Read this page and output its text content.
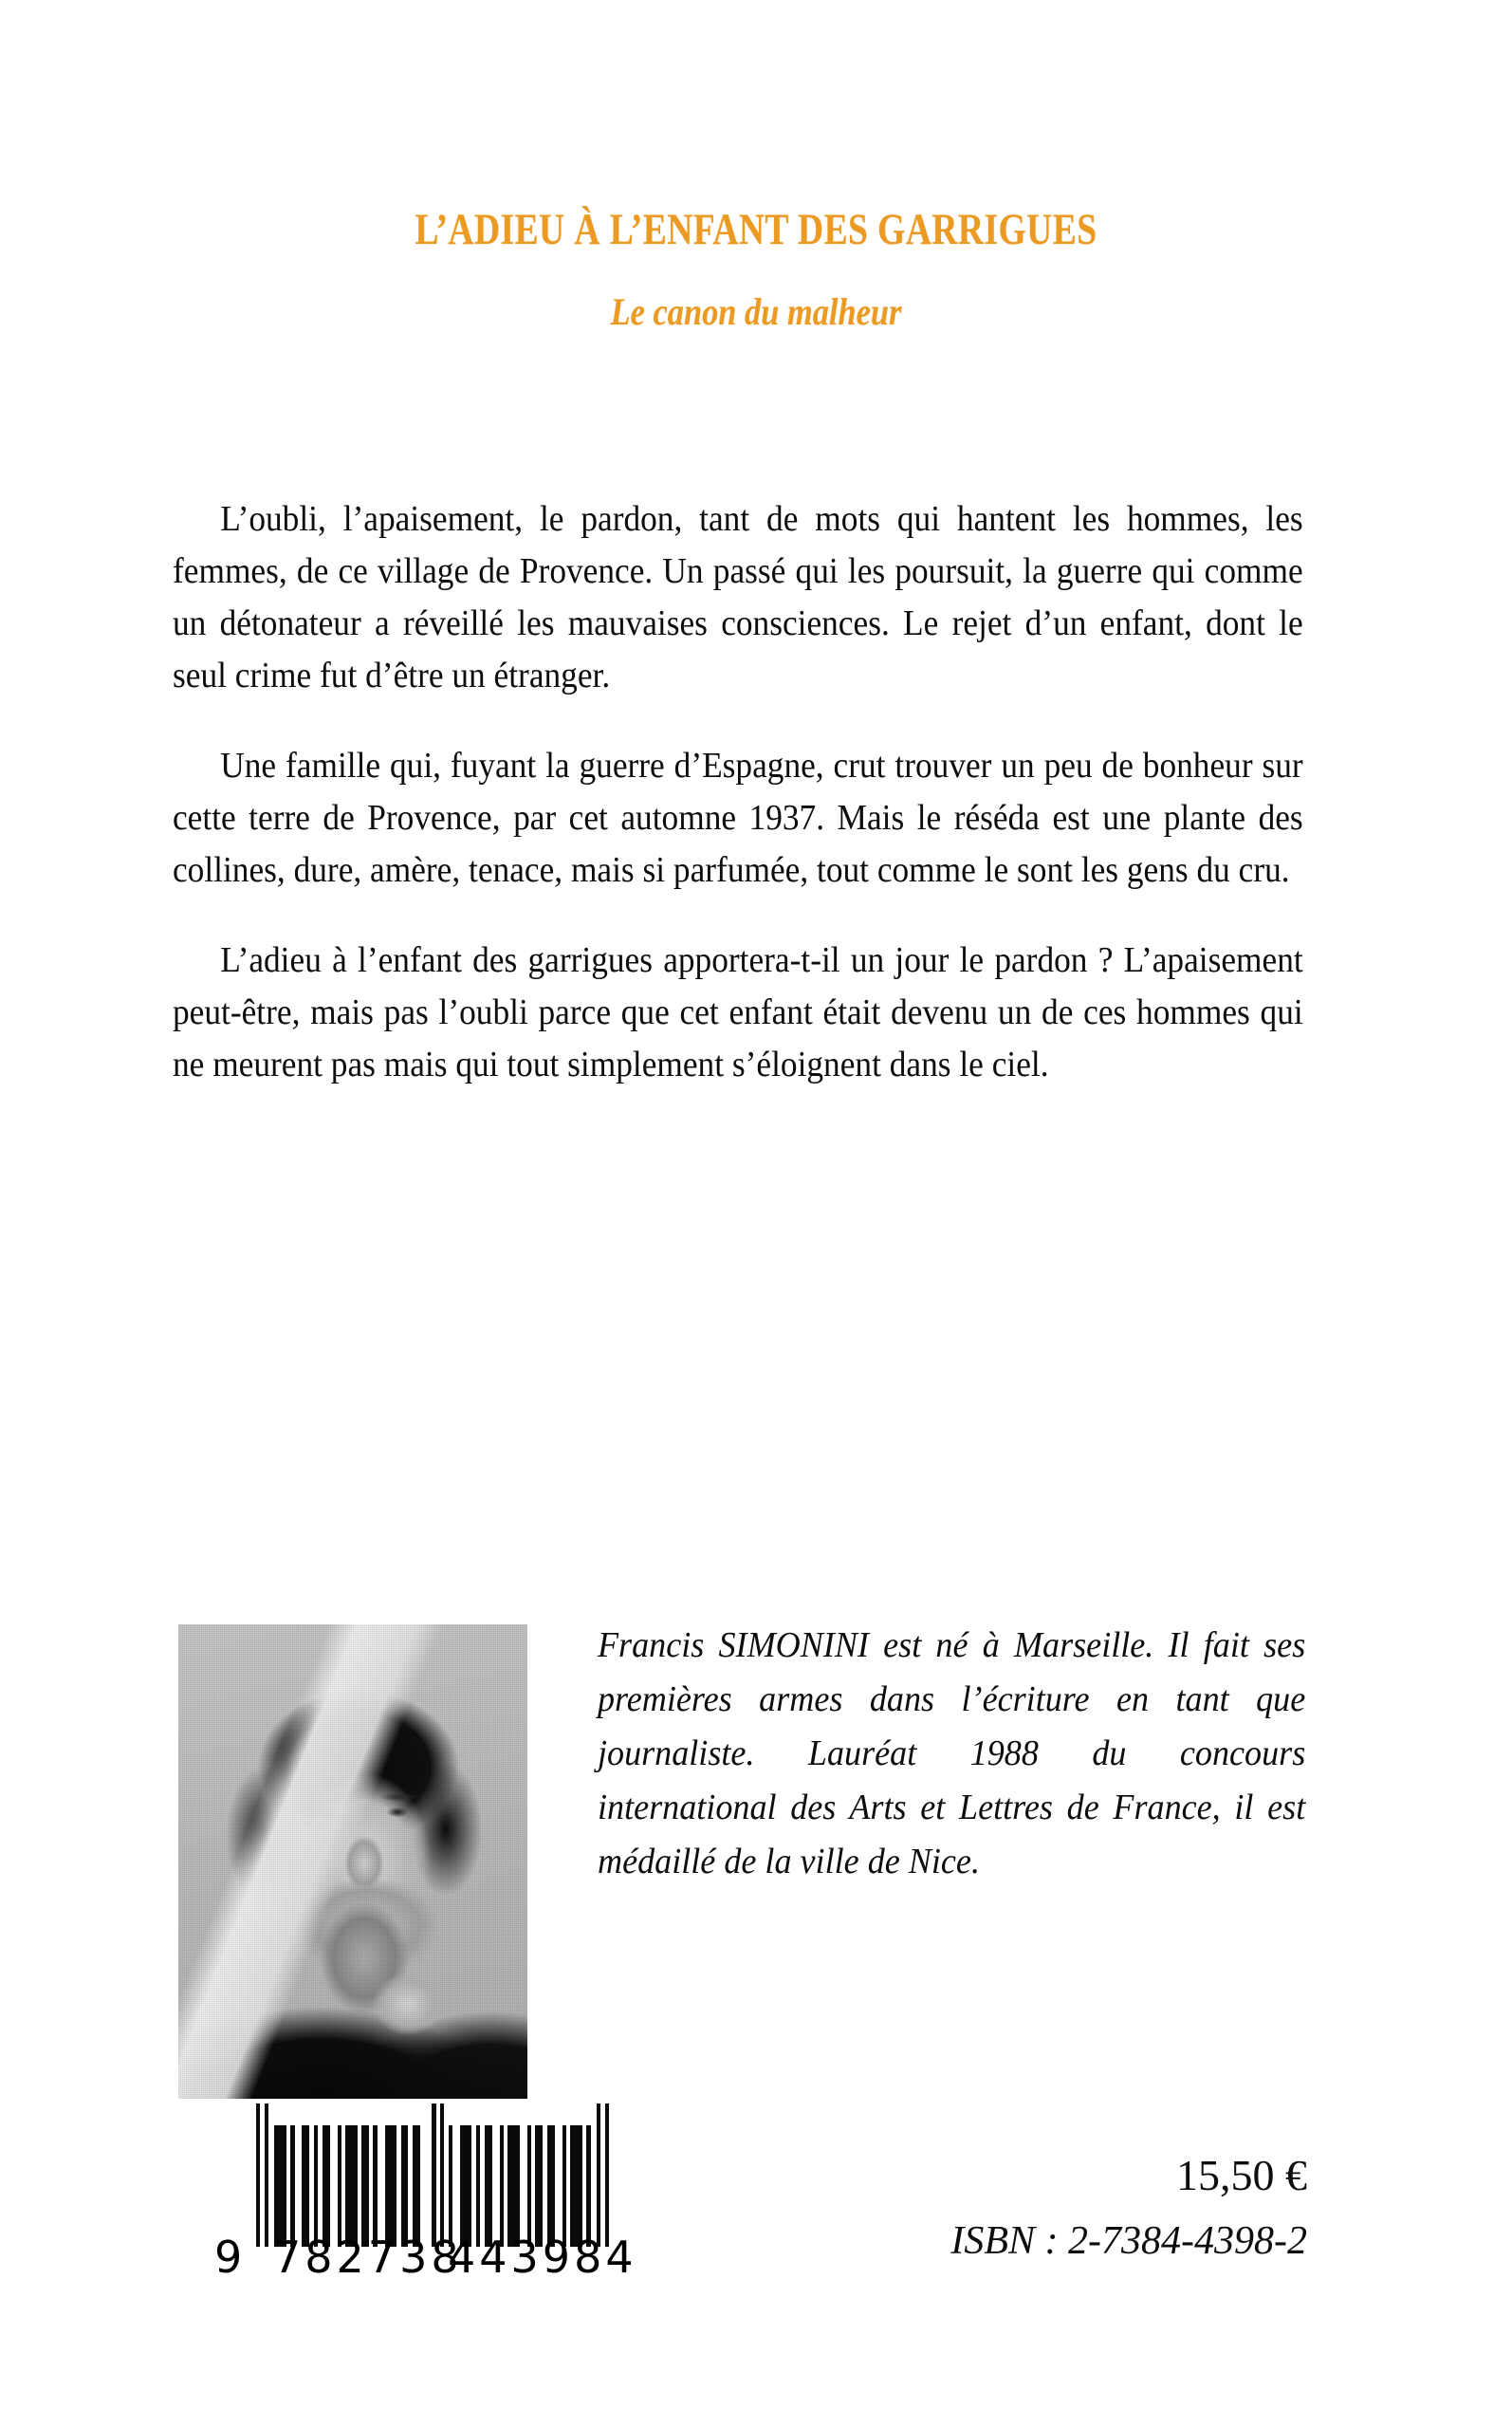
L’ADIEU À L’ENFANT DES GARRIGUES
Le canon du malheur

L’oubli, l’apaisement, le pardon, tant de mots qui hantent les hommes, les femmes, de ce village de Provence. Un passé qui les poursuit, la guerre qui comme un détonateur a réveillé les mauvaises consciences. Le rejet d’un enfant, dont le seul crime fut d’être un étranger.

Une famille qui, fuyant la guerre d’Espagne, crut trouver un peu de bonheur sur cette terre de Provence, par cet automne 1937. Mais le réséda est une plante des collines, dure, amère, tenace, mais si parfumée, tout comme le sont les gens du cru.

L’adieu à l’enfant des garrigues apportera-t-il un jour le pardon ? L’apaisement peut-être, mais pas l’oubli parce que cet enfant était devenu un de ces hommes qui ne meurent pas mais qui tout simplement s’éloignent dans le ciel.

Francis SIMONINI est né à Marseille. Il fait ses premières armes dans l’écriture en tant que journaliste. Lauréat 1988 du concours international des Arts et Lettres de France, il est médaillé de la ville de Nice.

9 782738
443984
15,50 €
ISBN : 2-7384-4398-2
